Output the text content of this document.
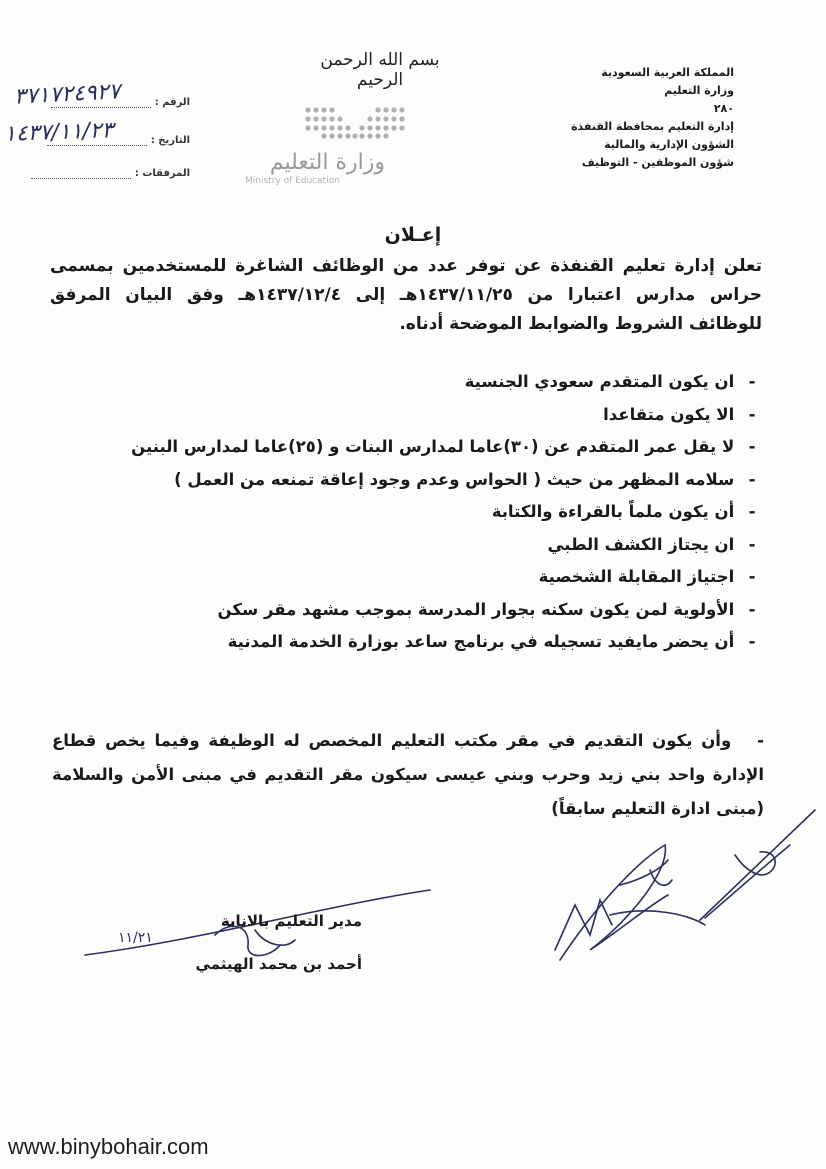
المملكة العربية السعودية
وزارة التعليم
٢٨٠
إدارة التعليم بمحافظة القنفذة
الشؤون الإدارية والمالية
شؤون الموظفين - التوظيف
بسم الله الرحمن الرحيم
وزارة التعليم
Ministry of Education
الرقم :
التاريخ :
المرفقات :
٣٧١٧٢٤٩٢٧
١٤٣٧/١١/٢٣
إعـلان
تعلن إدارة تعليم القنفذة عن توفر عدد من الوظائف الشاغرة للمستخدمين بمسمى حراس مدارس اعتبارا من ١٤٣٧/١١/٢٥هـ إلى ١٤٣٧/١٢/٤هـ وفق البيان المرفق للوظائف الشروط والضوابط الموضحة أدناه.
- ان يكون المتقدم سعودي الجنسية
- الا يكون متقاعدا
- لا يقل عمر المتقدم عن (٣٠)عاما لمدارس البنات و (٢٥)عاما لمدارس البنين
- سلامه المظهر من حيث ( الحواس وعدم وجود إعاقة تمنعه من العمل )
- أن يكون ملماً بالقراءة والكتابة
- ان يجتاز الكشف الطبي
- اجتياز المقابلة الشخصية
- الأولوية لمن يكون سكنه بجوار المدرسة بموجب مشهد مقر سكن
- أن يحضر مايفيد تسجيله في برنامج ساعد بوزارة الخدمة المدنية
- وأن يكون التقديم في مقر مكتب التعليم المخصص له الوظيفة وفيما يخص قطاع الإدارة واحد بني زيد وحرب وبني عيسى سيكون مقر التقديم في مبنى الأمن والسلامة (مبنى ادارة التعليم سابقاً)
١١/٢١
مدير التعليم بالانابة
أحمد بن محمد الهيثمي
www.binybohair.com
